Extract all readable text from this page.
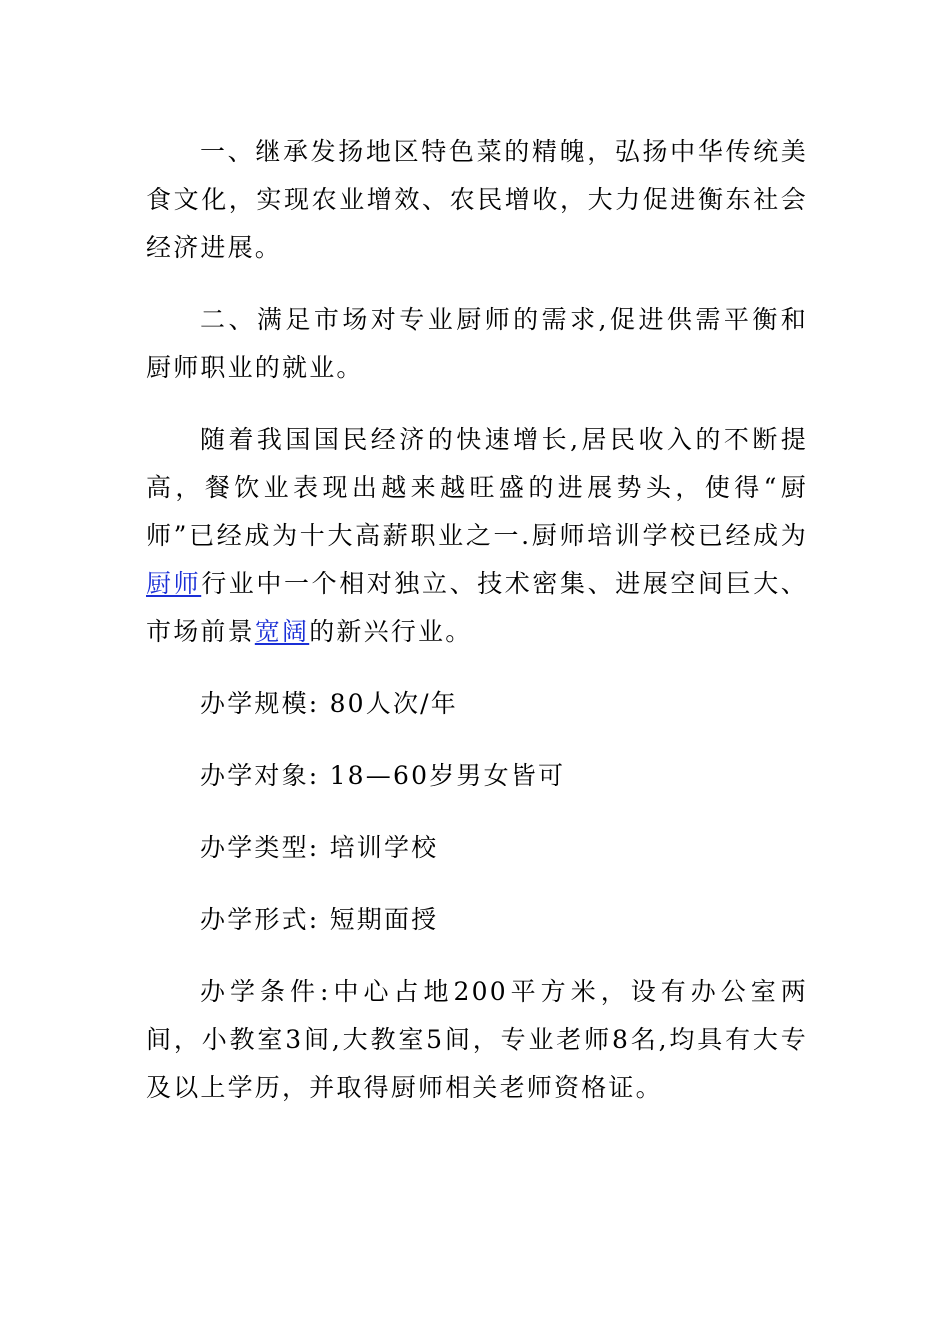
一、继承发扬地区特色菜的精魄，弘扬中华传统美食文化，实现农业增效、农民增收，大力促进衡东社会经济进展。

二、满足市场对专业厨师的需求,促进供需平衡和厨师职业的就业。

随着我国国民经济的快速增长,居民收入的不断提高，餐饮业表现出越来越旺盛的进展势头，使得“厨师”已经成为十大高薪职业之一.厨师培训学校已经成为厨师行业中一个相对独立、技术密集、进展空间巨大、市场前景宽阔的新兴行业。

办学规模: 80人次/年

办学对象: 18—60岁男女皆可

办学类型: 培训学校

办学形式: 短期面授

办学条件:中心占地200平方米，设有办公室两间，小教室3间,大教室5间，专业老师8名,均具有大专及以上学历，并取得厨师相关老师资格证。
